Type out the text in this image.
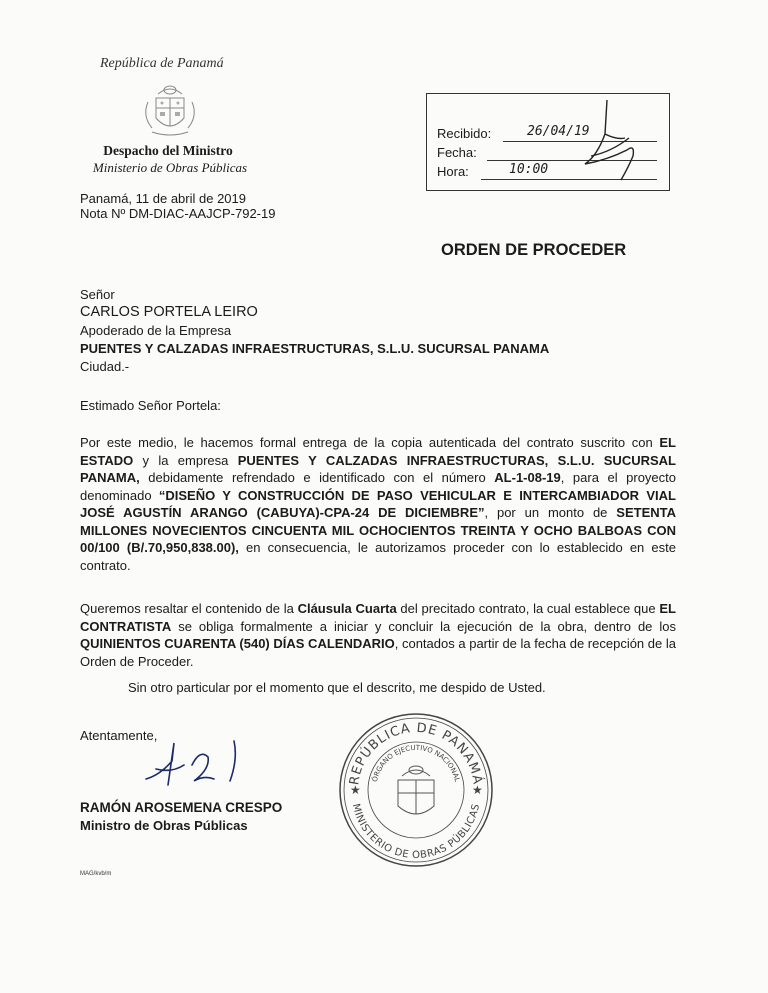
República de Panamá
Despacho del Ministro
Ministerio de Obras Públicas
Panamá, 11 de abril de 2019
Nota Nº DM-DIAC-AAJCP-792-19
Recibido:	26/04/19
Fecha:
Hora:	10:00
ORDEN DE PROCEDER
Señor
CARLOS PORTELA LEIRO
Apoderado de la Empresa
PUENTES Y CALZADAS INFRAESTRUCTURAS, S.L.U. SUCURSAL PANAMA
Ciudad.-
Estimado Señor Portela:
Por este medio, le hacemos formal entrega de la copia autenticada del contrato suscrito con EL ESTADO y la empresa PUENTES Y CALZADAS INFRAESTRUCTURAS, S.L.U. SUCURSAL PANAMA, debidamente refrendado e identificado con el número AL-1-08-19, para el proyecto denominado “DISEÑO Y CONSTRUCCIÓN DE PASO VEHICULAR E INTERCAMBIADOR VIAL JOSÉ AGUSTÍN ARANGO (CABUYA)-CPA-24 DE DICIEMBRE”, por un monto de SETENTA MILLONES NOVECIENTOS CINCUENTA MIL OCHOCIENTOS TREINTA Y OCHO BALBOAS CON 00/100 (B/.70,950,838.00), en consecuencia, le autorizamos proceder con lo establecido en este contrato.
Queremos resaltar el contenido de la Cláusula Cuarta del precitado contrato, la cual establece que EL CONTRATISTA se obliga formalmente a iniciar y concluir la ejecución de la obra, dentro de los QUINIENTOS CUARENTA (540) DÍAS CALENDARIO, contados a partir de la fecha de recepción de la Orden de Proceder.
Sin otro particular por el momento que el descrito, me despido de Usted.
Atentamente,
RAMÓN AROSEMENA CRESPO
Ministro de Obras Públicas
MAG/kvb/m
REPÚBLICA DE PANAMÁ
ÓRGANO EJECUTIVO NACIONAL
MINISTERIO DE OBRAS PÚBLICAS
★	★
